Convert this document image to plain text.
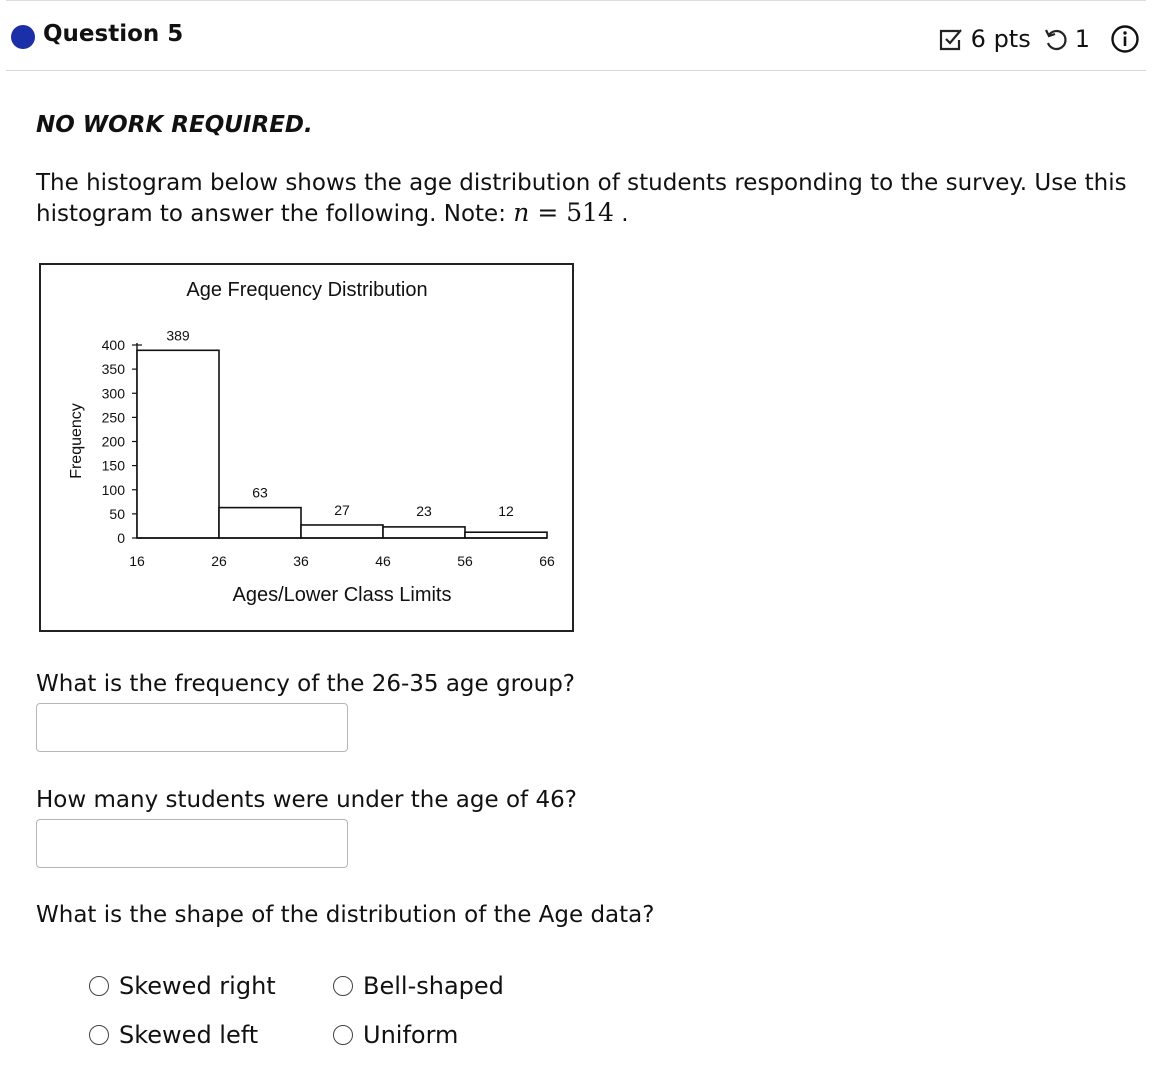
Question 5	6 pts 1
NO WORK REQUIRED.
The histogram below shows the age distribution of students responding to the survey. Use this histogram to answer the following. Note: n = 514 .
Age Frequency Distribution
0
50
100
150
200
250
300
350
400
Frequency
389
63
27	23	12
16	26	36	46	56	66
Ages/Lower Class Limits
What is the frequency of the 26-35 age group?
How many students were under the age of 46?
What is the shape of the distribution of the Age data?
Skewed right	Bell-shaped
Skewed left	Uniform
